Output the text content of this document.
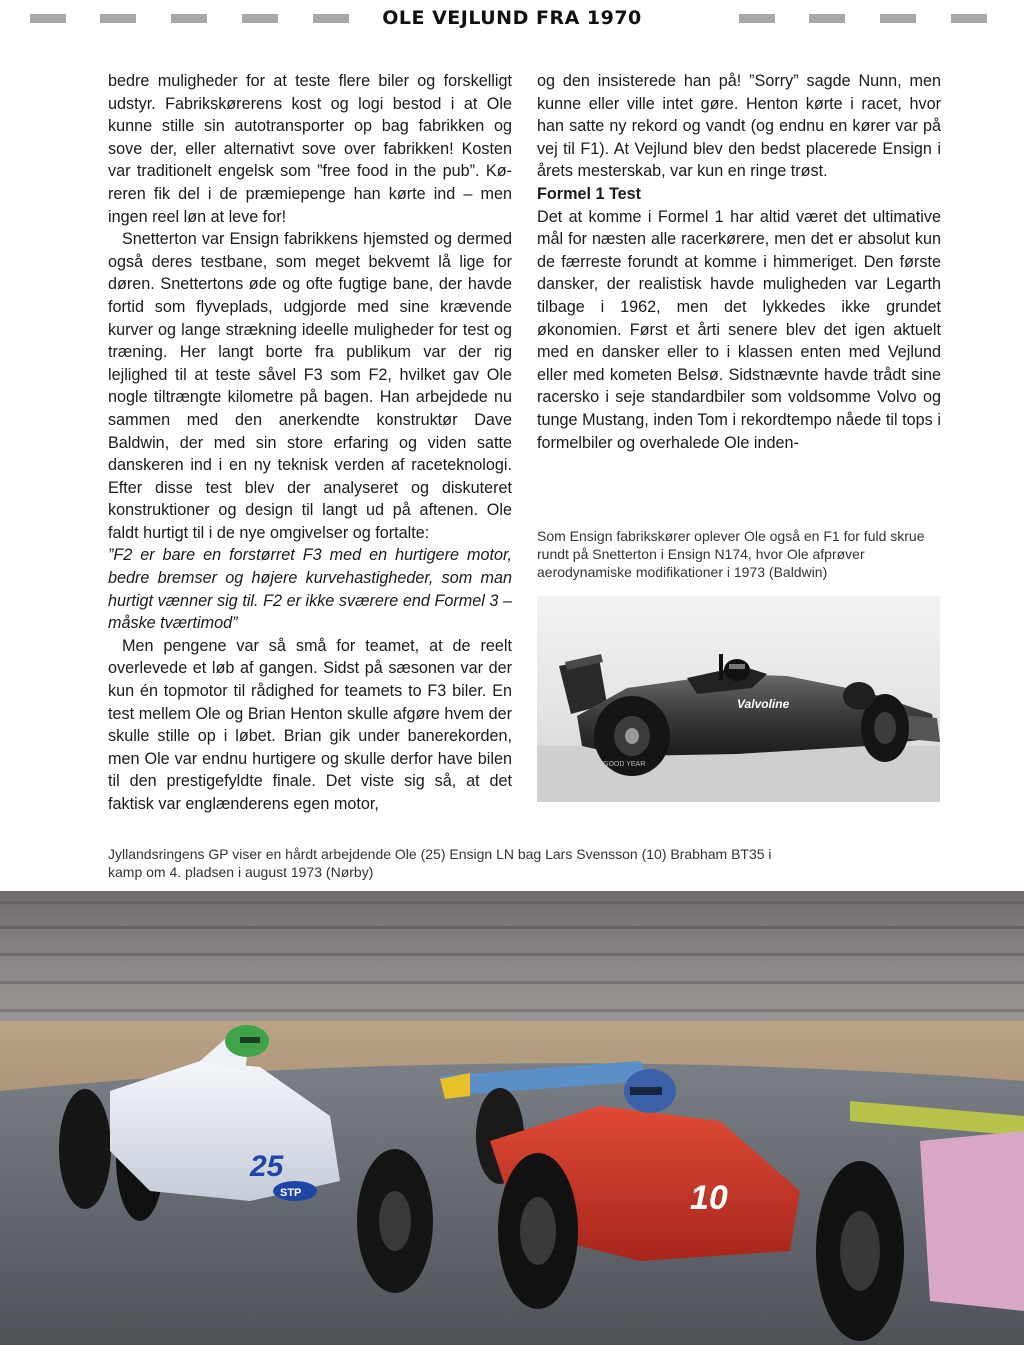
OLE VEJLUND FRA 1970

bedre muligheder for at teste flere biler og forskelligt udstyr. Fabrikskørerens kost og logi bestod i at Ole kunne stille sin autotransporter op bag fabrikken og sove der, eller alternativt sove over fabrikken! Kosten var traditionelt engelsk som ”free food in the pub”. Køreren fik del i de præmiepenge han kørte ind – men ingen reel løn at leve for!

Snetterton var Ensign fabrikkens hjemsted og dermed også deres testbane, som meget bekvemt lå lige for døren. Snettertons øde og ofte fugtige bane, der havde fortid som flyveplads, udgjorde med sine krævende kurver og lange strækning ideelle muligheder for test og træning. Her langt borte fra publikum var der rig lejlighed til at teste såvel F3 som F2, hvilket gav Ole nogle tiltrængte kilometre på bagen. Han arbejdede nu sammen med den anerkendte konstruktør Dave Baldwin, der med sin store erfaring og viden satte danskeren ind i en ny teknisk verden af raceteknologi. Efter disse test blev der analyseret og diskuteret konstruktioner og design til langt ud på aftenen. Ole faldt hurtigt til i de nye omgivelser og fortalte:

”F2 er bare en forstørret F3 med en hurtigere motor, bedre bremser og højere kurvehastigheder, som man hurtigt vænner sig til. F2 er ikke sværere end Formel 3 – måske tværtimod”

Men pengene var så små for teamet, at de reelt overlevede et løb af gangen. Sidst på sæsonen var der kun én topmotor til rådighed for teamets to F3 biler. En test mellem Ole og Brian Henton skulle afgøre hvem der skulle stille op i løbet. Brian gik under banerekorden, men Ole var endnu hurtigere og skulle derfor have bilen til den prestigefyldte finale. Det viste sig så, at det faktisk var englænderens egen motor,

og den insisterede han på! ”Sorry” sagde Nunn, men kunne eller ville intet gøre. Henton kørte i racet, hvor han satte ny rekord og vandt (og endnu en kører var på vej til F1). At Vejlund blev den bedst placerede Ensign i årets mesterskab, var kun en ringe trøst.

Formel 1 Test

Det at komme i Formel 1 har altid været det ultimative mål for næsten alle racerkørere, men det er absolut kun de færreste forundt at komme i himmeriget. Den første dansker, der realistisk havde muligheden var Legarth tilbage i 1962, men det lykkedes ikke grundet økonomien. Først et årti senere blev det igen aktuelt med en dansker eller to i klassen enten med Vejlund eller med kometen Belsø. Sidstnævnte havde trådt sine racersko i seje standardbiler som voldsomme Volvo og tunge Mustang, inden Tom i rekordtempo nåede til tops i formelbiler og overhalede Ole inden-

Som Ensign fabrikskører oplever Ole også en F1 for fuld skrue rundt på Snetterton i Ensign N174, hvor Ole afprøver aerodynamiske modifikationer i 1973 (Baldwin)
Valvoline
GOOD YEAR
Jyllandsringens GP viser en hårdt arbejdende Ole (25) Ensign LN bag Lars Svensson (10) Brabham BT35 i kamp om 4. pladsen i august 1973 (Nørby)
25
STP	10
